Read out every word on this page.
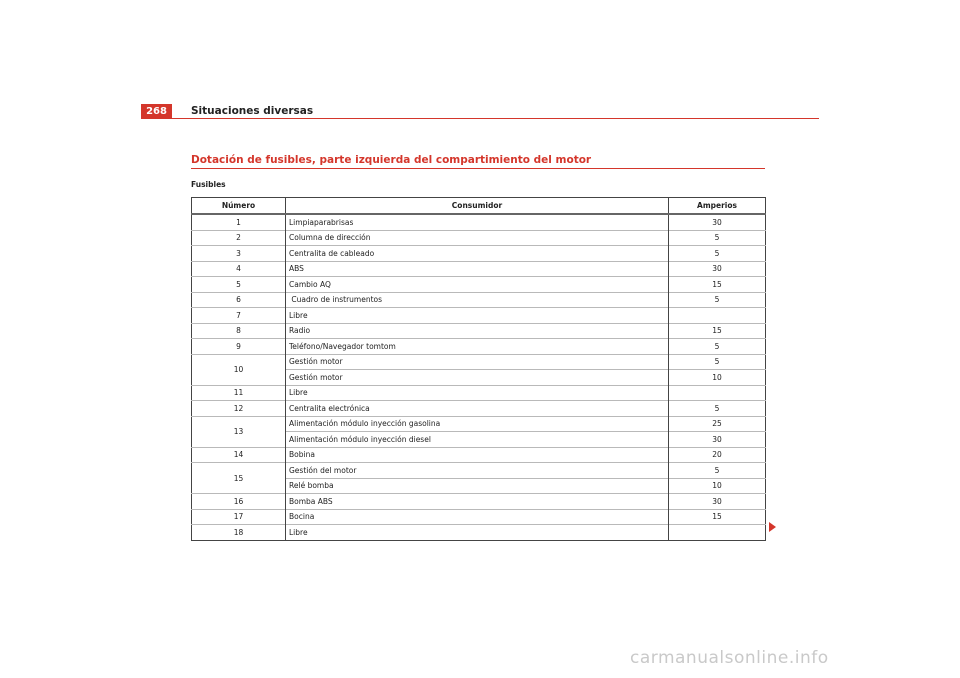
268	Situaciones diversas
Dotación de fusibles, parte izquierda del compartimiento del motor
Fusibles
Número	Consumidor	Amperios
1	Limpiaparabrisas	30
2	Columna de dirección	5
3	Centralita de cableado	5
4	ABS	30
5	Cambio AQ	15
6	Cuadro de instrumentos	5
7	Libre	
8	Radio	15
9	Teléfono/Navegador tomtom	5
10	Gestión motor	5
	Gestión motor	10
11	Libre	
12	Centralita electrónica	5
13	Alimentación módulo inyección gasolina	25
	Alimentación módulo inyección diesel	30
14	Bobina	20
15	Gestión del motor	5
	Relé bomba	10
16	Bomba ABS	30
17	Bocina	15
18	Libre	
carmanualsonline.info
